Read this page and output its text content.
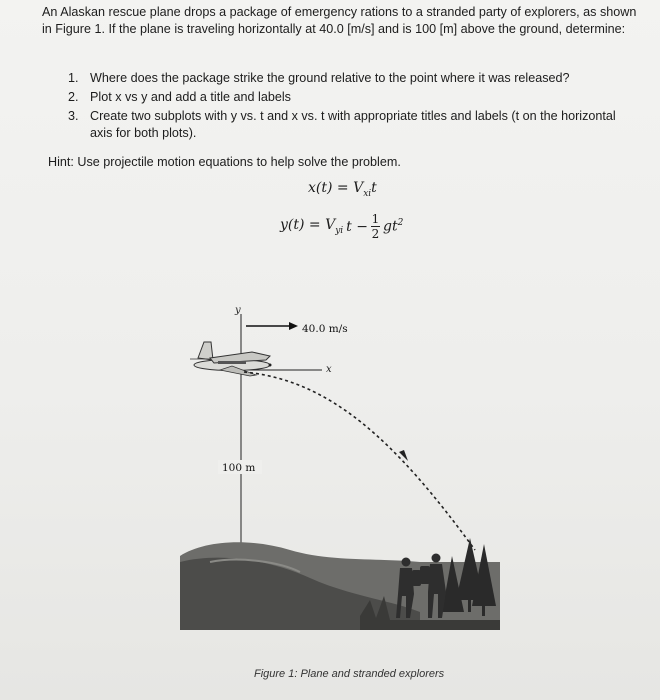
An Alaskan rescue plane drops a package of emergency rations to a stranded party of explorers, as shown in Figure 1. If the plane is traveling horizontally at 40.0 [m/s] and is 100 [m] above the ground, determine:

1. Where does the package strike the ground relative to the point where it was released?
2. Plot x vs y and add a title and labels
3. Create two subplots with y vs. t and x vs. t with appropriate titles and labels (t on the horizontal axis for both plots).

Hint: Use projectile motion equations to help solve the problem.

$x(t) = V_{xi}t$
$y(t) = V_{yi}$ $t - \frac{1}{2} gt^2$
y
x
40.0 m/s
100 m

Figure 1: Plane and stranded explorers
